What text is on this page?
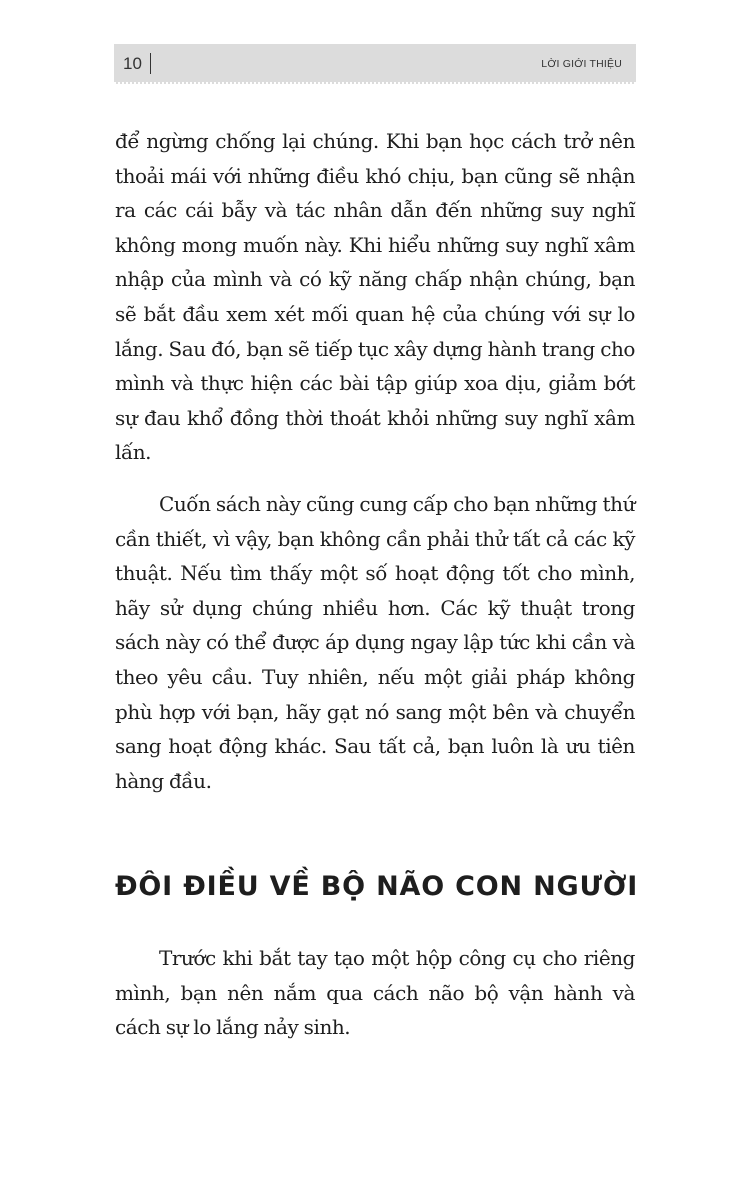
10	LỜI GIỚI THIỆU

để ngừng chống lại chúng. Khi bạn học cách trở nên thoải mái với những điều khó chịu, bạn cũng sẽ nhận ra các cái bẫy và tác nhân dẫn đến những suy nghĩ không mong muốn này. Khi hiểu những suy nghĩ xâm nhập của mình và có kỹ năng chấp nhận chúng, bạn sẽ bắt đầu xem xét mối quan hệ của chúng với sự lo lắng. Sau đó, bạn sẽ tiếp tục xây dựng hành trang cho mình và thực hiện các bài tập giúp xoa dịu, giảm bớt sự đau khổ đồng thời thoát khỏi những suy nghĩ xâm lấn.

Cuốn sách này cũng cung cấp cho bạn những thứ cần thiết, vì vậy, bạn không cần phải thử tất cả các kỹ thuật. Nếu tìm thấy một số hoạt động tốt cho mình, hãy sử dụng chúng nhiều hơn. Các kỹ thuật trong sách này có thể được áp dụng ngay lập tức khi cần và theo yêu cầu. Tuy nhiên, nếu một giải pháp không phù hợp với bạn, hãy gạt nó sang một bên và chuyển sang hoạt động khác. Sau tất cả, bạn luôn là ưu tiên hàng đầu.

ĐÔI ĐIỀU VỀ BỘ NÃO CON NGƯỜI

Trước khi bắt tay tạo một hộp công cụ cho riêng mình, bạn nên nắm qua cách não bộ vận hành và cách sự lo lắng nảy sinh.
